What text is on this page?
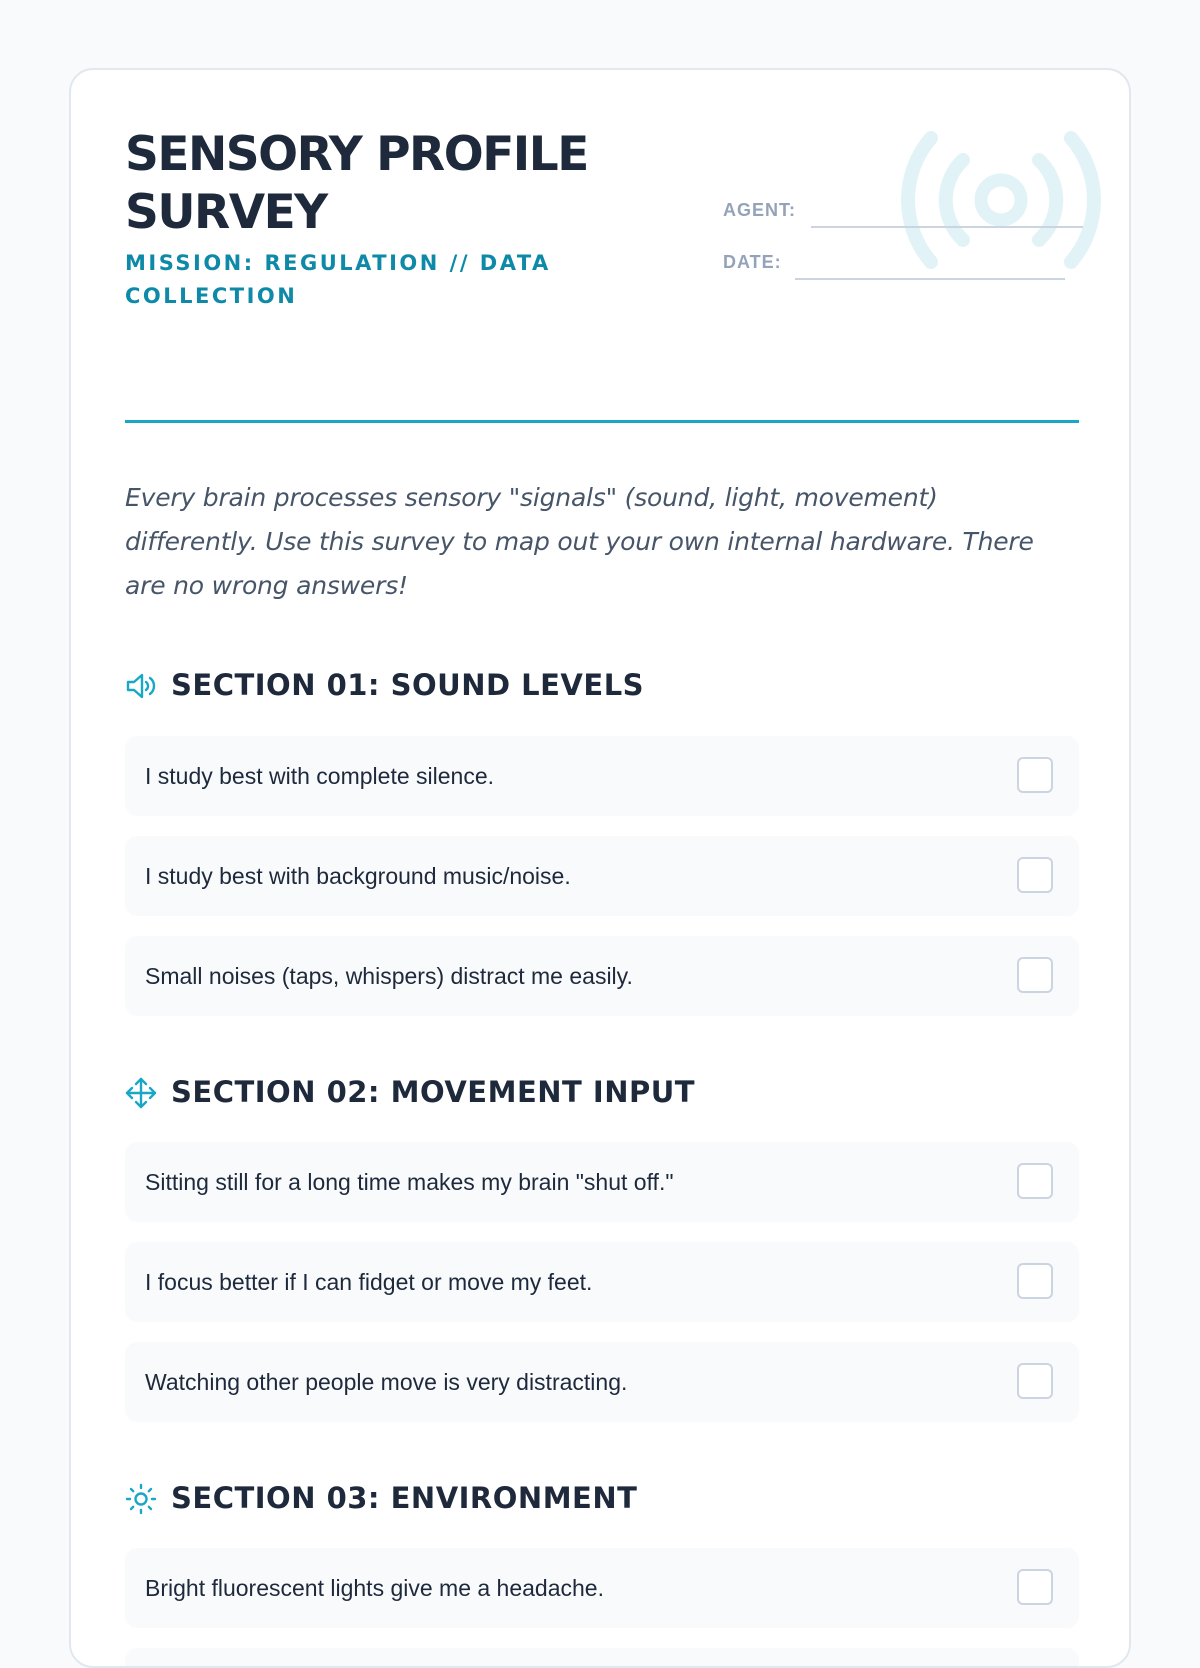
SENSORY PROFILE SURVEY
MISSION: REGULATION // DATA COLLECTION
AGENT:
DATE:

Every brain processes sensory "signals" (sound, light, movement) differently. Use this survey to map out your own internal hardware. There are no wrong answers!

SECTION 01: SOUND LEVELS
I study best with complete silence.
I study best with background music/noise.
Small noises (taps, whispers) distract me easily.
SECTION 02: MOVEMENT INPUT
Sitting still for a long time makes my brain "shut off."
I focus better if I can fidget or move my feet.
Watching other people move is very distracting.
SECTION 03: ENVIRONMENT
Bright fluorescent lights give me a headache.
